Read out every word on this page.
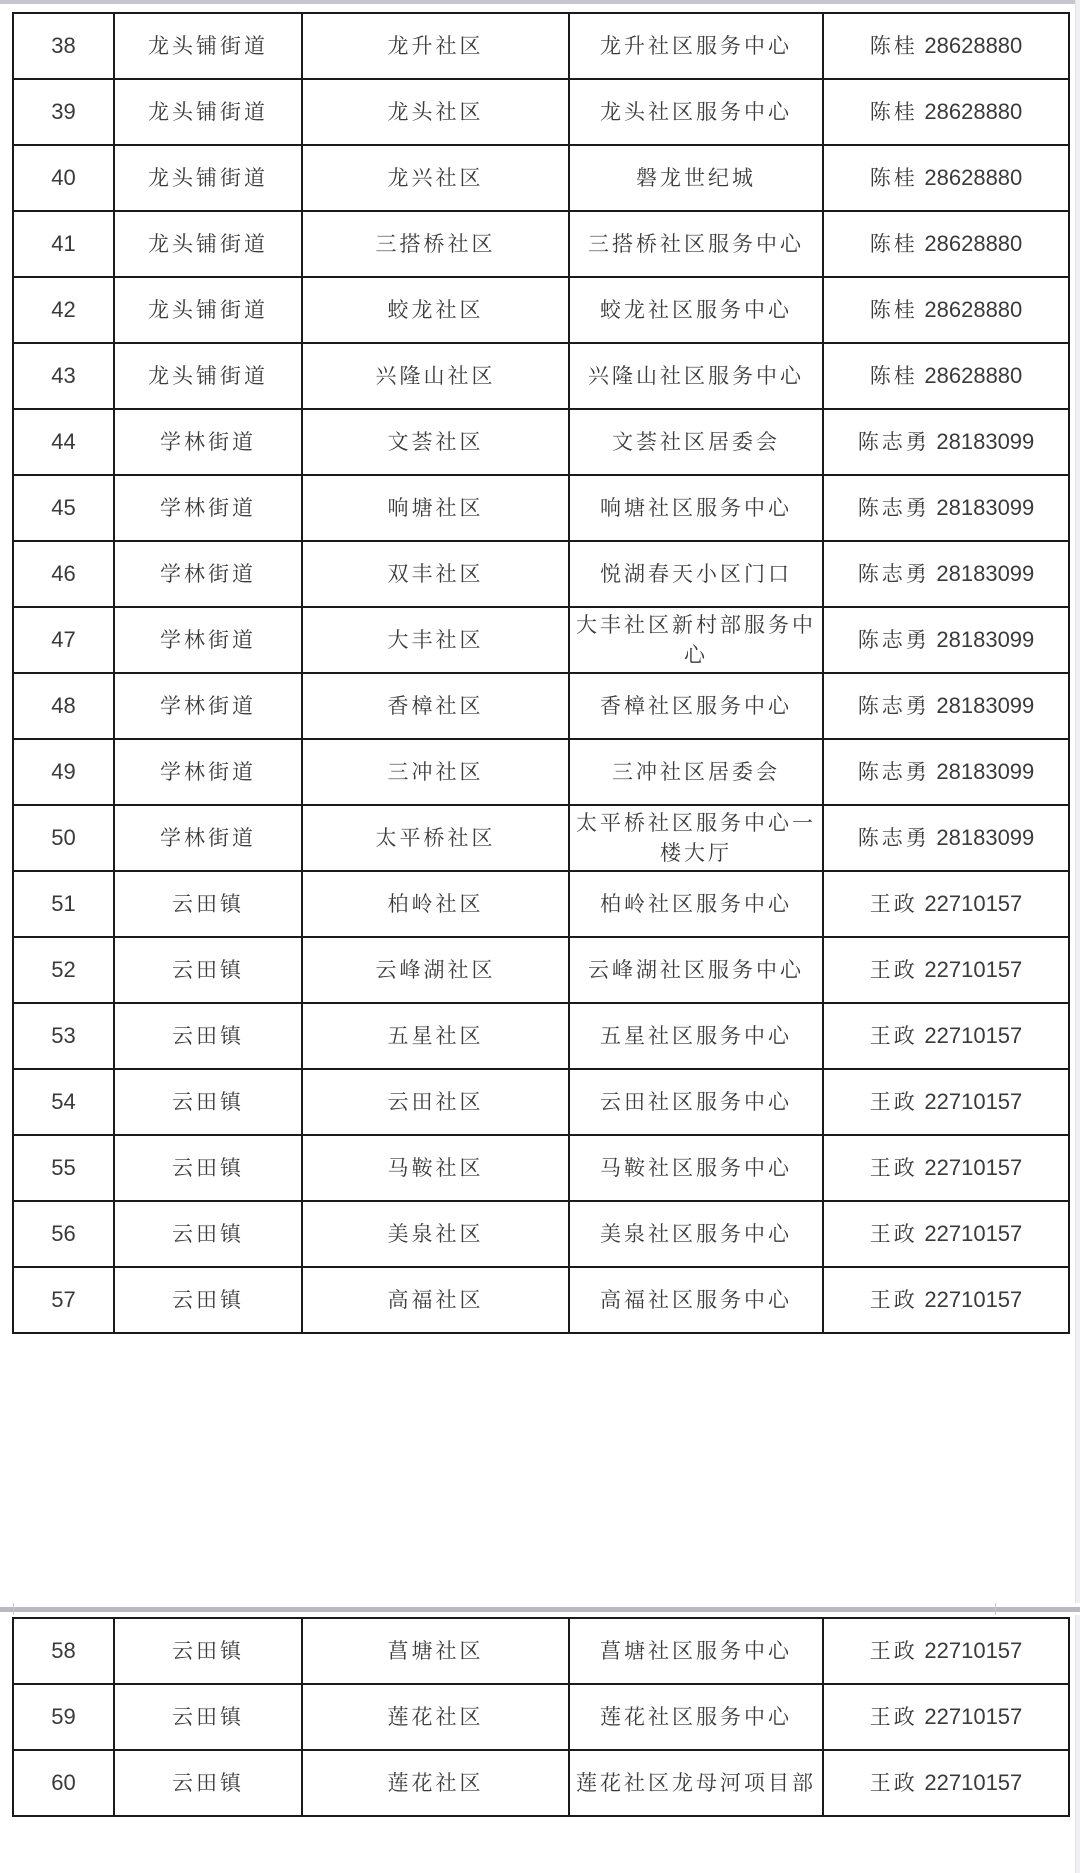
38	龙头铺街道	龙升社区	龙升社区服务中心	陈桂 28628880
39	龙头铺街道	龙头社区	龙头社区服务中心	陈桂 28628880
40	龙头铺街道	龙兴社区	磐龙世纪城	陈桂 28628880
41	龙头铺街道	三搭桥社区	三搭桥社区服务中心	陈桂 28628880
42	龙头铺街道	蛟龙社区	蛟龙社区服务中心	陈桂 28628880
43	龙头铺街道	兴隆山社区	兴隆山社区服务中心	陈桂 28628880
44	学林街道	文荟社区	文荟社区居委会	陈志勇 28183099
45	学林街道	响塘社区	响塘社区服务中心	陈志勇 28183099
46	学林街道	双丰社区	悦湖春天小区门口	陈志勇 28183099
47	学林街道	大丰社区	大丰社区新村部服务中心	陈志勇 28183099
48	学林街道	香樟社区	香樟社区服务中心	陈志勇 28183099
49	学林街道	三冲社区	三冲社区居委会	陈志勇 28183099
50	学林街道	太平桥社区	太平桥社区服务中心一楼大厅	陈志勇 28183099
51	云田镇	柏岭社区	柏岭社区服务中心	王政 22710157
52	云田镇	云峰湖社区	云峰湖社区服务中心	王政 22710157
53	云田镇	五星社区	五星社区服务中心	王政 22710157
54	云田镇	云田社区	云田社区服务中心	王政 22710157
55	云田镇	马鞍社区	马鞍社区服务中心	王政 22710157
56	云田镇	美泉社区	美泉社区服务中心	王政 22710157
57	云田镇	高福社区	高福社区服务中心	王政 22710157
58	云田镇	菖塘社区	菖塘社区服务中心	王政 22710157
59	云田镇	莲花社区	莲花社区服务中心	王政 22710157
60	云田镇	莲花社区	莲花社区龙母河项目部	王政 22710157
